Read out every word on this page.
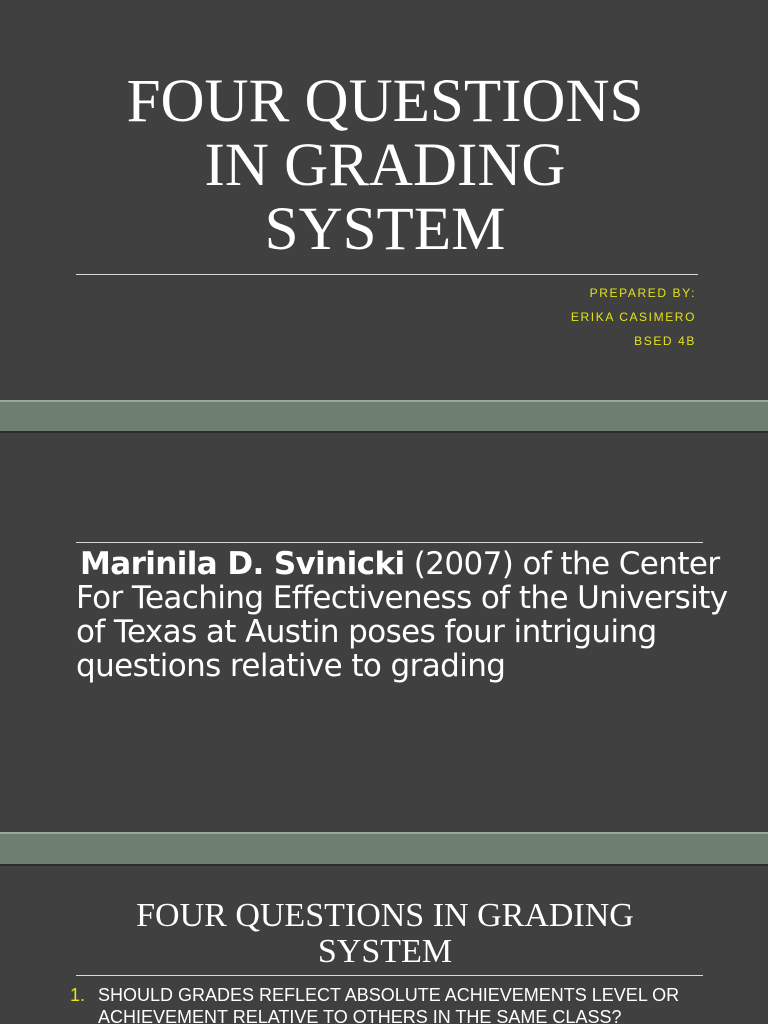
FOUR QUESTIONS
IN GRADING
SYSTEM
PREPARED BY:
ERIKA CASIMERO
BSED 4B

Marinila D. Svinicki (2007) of the Center For Teaching Effectiveness of the University of Texas at Austin poses four intriguing questions relative to grading

FOUR QUESTIONS IN GRADING
SYSTEM
1. SHOULD GRADES REFLECT ABSOLUTE ACHIEVEMENTS LEVEL OR ACHIEVEMENT RELATIVE TO OTHERS IN THE SAME CLASS?
